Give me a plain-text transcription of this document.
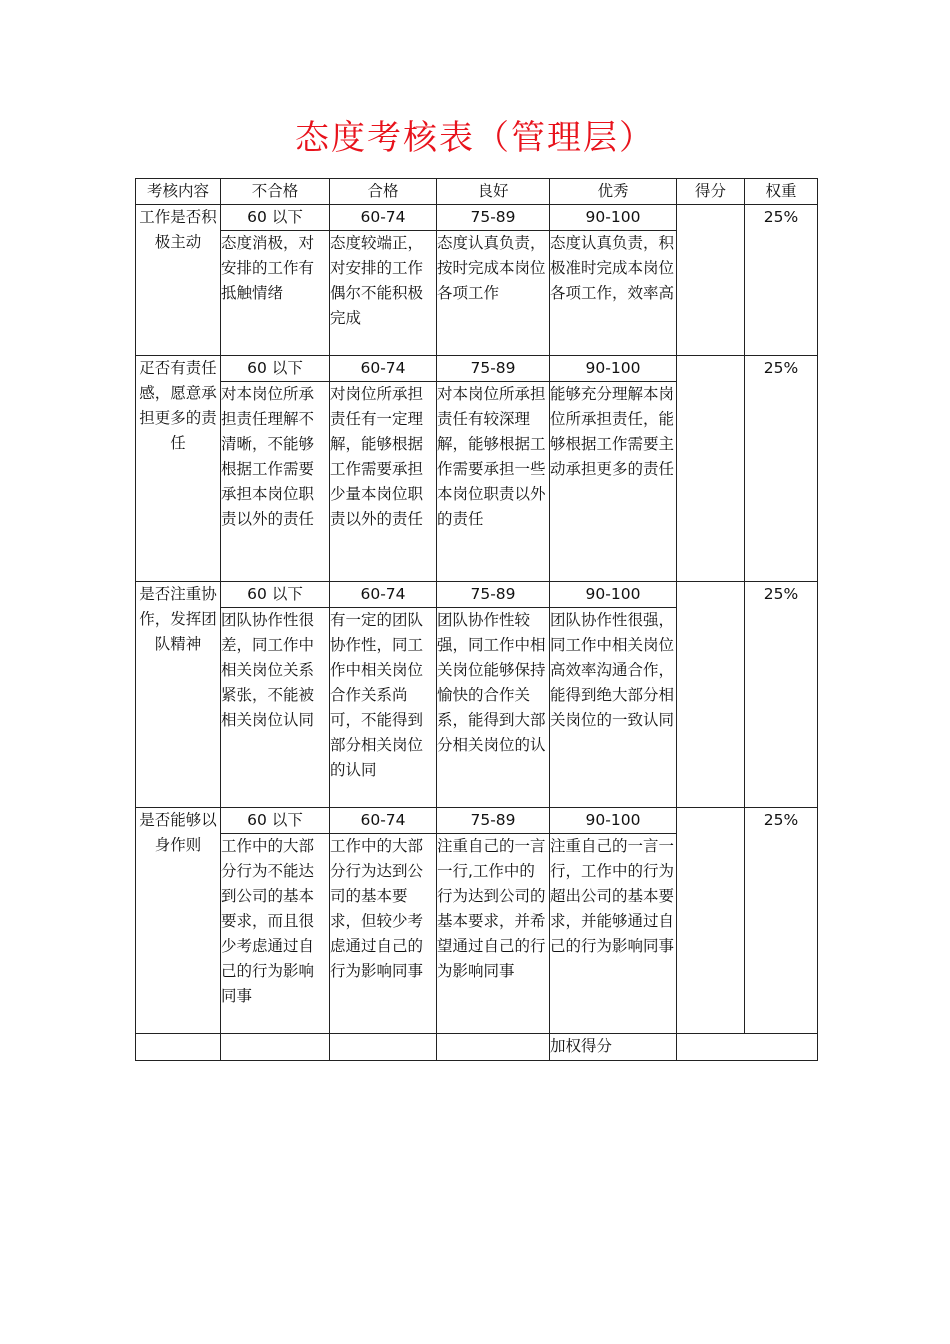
态度考核表（管理层）
考核内容	不合格	合格	良好	优秀	得分	权重
工作是否积极主动	60 以下	60-74	75-89	90-100		25%
	态度消极，对安排的工作有抵触情绪	态度较端正，对安排的工作偶尔不能积极完成	态度认真负责，按时完成本岗位各项工作	态度认真负责，积极准时完成本岗位各项工作，效率高		
疋否有责任感，愿意承担更多的责任	60 以下	60-74	75-89	90-100		25%
	对本岗位所承担责任理解不清晰，不能够根据工作需要承担本岗位职责以外的责任	对岗位所承担责任有一定理解，能够根据工作需要承担少量本岗位职责以外的责任	对本岗位所承担责任有较深理解，能够根据工作需要承担一些本岗位职责以外的责任	能够充分理解本岗位所承担责任，能够根据工作需要主动承担更多的责任		
是否注重协作，发挥团队精神	60 以下	60-74	75-89	90-100		25%
	团队协作性很差，同工作中相关岗位关系紧张，不能被相关岗位认同	有一定的团队协作性，同工作中相关岗位合作关系尚可，不能得到部分相关岗位的认同	团队协作性较强，同工作中相关岗位能够保持愉快的合作关系，能得到大部分相关岗位的认	团队协作性很强，同工作中相关岗位高效率沟通合作，能得到绝大部分相关岗位的一致认同		
是否能够以身作则	60 以下	60-74	75-89	90-100		25%
	工作中的大部分行为不能达到公司的基本要求，而且很少考虑通过自己的行为影响同事	工作中的大部分行为达到公司的基本要求，但较少考虑通过自己的行为影响同事	注重自己的一言一行,工作中的行为达到公司的基本要求，并希望通过自己的行为影响同事	注重自己的一言一行，工作中的行为超出公司的基本要求，并能够通过自己的行为影响同事		
				加权得分		
